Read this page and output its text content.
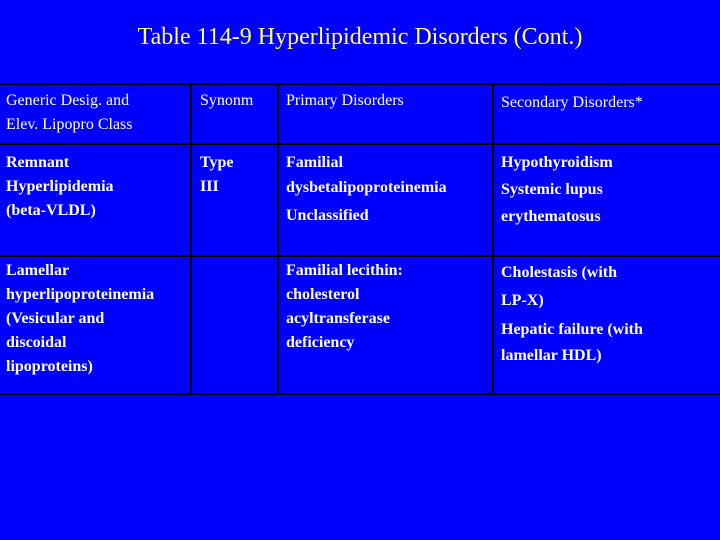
Table 114-9 Hyperlipidemic Disorders (Cont.)
Generic Desig. and
Elev. Lipopro Class
Synonm	Primary Disorders	Secondary Disorders*
Remnant
Hyperlipidemia
(beta-VLDL)
Type
III
Familial
dysbetalipoproteinemia
Unclassified
Hypothyroidism
Systemic lupus
erythematosus
Lamellar
hyperlipoproteinemia
(Vesicular and
discoidal
lipoproteins)
Familial lecithin:
cholesterol
acyltransferase
deficiency
Cholestasis (with
LP-X)
Hepatic failure (with
lamellar HDL)
